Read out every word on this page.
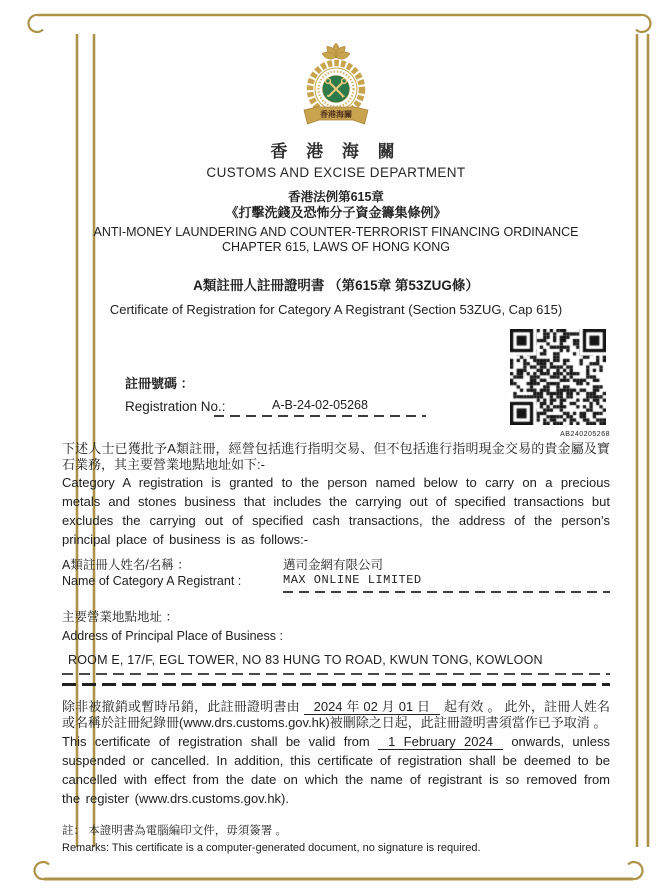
香港海關
香 港 海 關
CUSTOMS AND EXCISE DEPARTMENT
香港法例第615章
《打擊洗錢及恐怖分子資金籌集條例》
ANTI-MONEY LAUNDERING AND COUNTER-TERRORIST FINANCING ORDINANCE
CHAPTER 615, LAWS OF HONG KONG
A類註冊人註冊證明書 （第615章 第53ZUG條）
Certificate of Registration for Category A Registrant (Section 53ZUG, Cap 615)
註冊號碼 ：
Registration No.:	A-B-24-02-05268
AB240205268
下述人士已獲批予A類註冊，經營包括進行指明交易、但不包括進行指明現金交易的貴金屬及寶石業務，其主要營業地點地址如下:-
Category A registration is granted to the person named below to carry on a precious metals and stones business that includes the carrying out of specified transactions but excludes the carrying out of specified cash transactions, the address of the person's principal place of business is as follows:-
A類註冊人姓名/名稱 ：
Name of Category A Registrant :
邁司金網有限公司
MAX ONLINE LIMITED
主要營業地點地址 ：
Address of Principal Place of Business :
ROOM E, 17/F, EGL TOWER, NO 83 HUNG TO ROAD, KWUN TONG, KOWLOON
除非被撤銷或暫時吊銷，此註冊證明書由 2024 年 02 月 01 日 起有效 。 此外，註冊人姓名或名稱於註冊紀錄冊(www.drs.customs.gov.hk)被刪除之日起，此註冊證明書須當作已予取消 。
This certificate of registration shall be valid from 1 February 2024 onwards, unless suspended or cancelled. In addition, this certificate of registration shall be deemed to be cancelled with effect from the date on which the name of registrant is so removed from the register (www.drs.customs.gov.hk).
註： 本證明書為電腦編印文件，毋須簽署 。
Remarks: This certificate is a computer-generated document, no signature is required.
